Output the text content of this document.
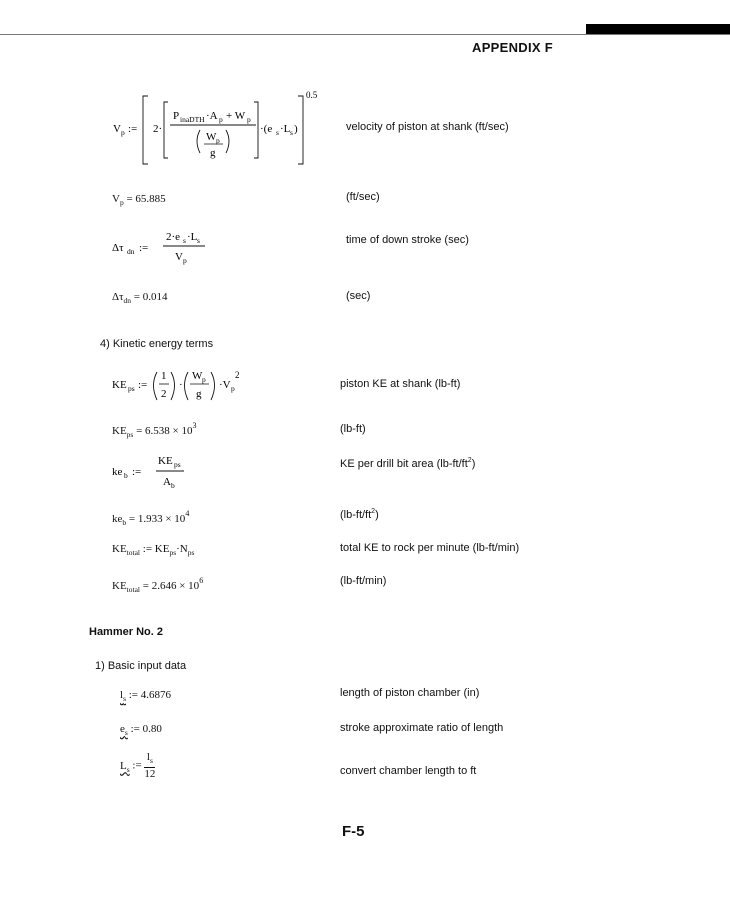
APPENDIX F
V p := 2·
P inaDTH ·A p + W p
W p
g
·(e s ·L s )
0.5
velocity of piston at shank (ft/sec)
$V_p = 65.885$	(ft/sec)
Δτ dn :=
2·e s ·L s
V p
time of down stroke (sec)
$\Delta\tau_{dn} = 0.014$	(sec)
4) Kinetic energy terms
KE ps :=
1
2
·
W p
g
·V p
2
piston KE at shank (lb-ft)
$KE_{ps} = 6.538 \times 10^3$	(lb-ft)
ke b :=
KE ps
A b
KE per drill bit area $(lb-ft/ft^2)$
$ke_b = 1.933 \times 10^4$	$(lb-ft/ft^2)$
$KE_{total}$ := $KE_{ps}\cdot N_{ps}$	total KE to rock per minute (lb-ft/min)
$KE_{total} = 2.646 \times 10^6$	(lb-ft/min)
Hammer No. 2
1) Basic input data
$l_s$ := 4.6876	length of piston chamber (in)
$e_s$ := 0.80	stroke approximate ratio of length
$L_s$ := $\frac{l_s}{12}$	convert chamber length to ft
F-5
